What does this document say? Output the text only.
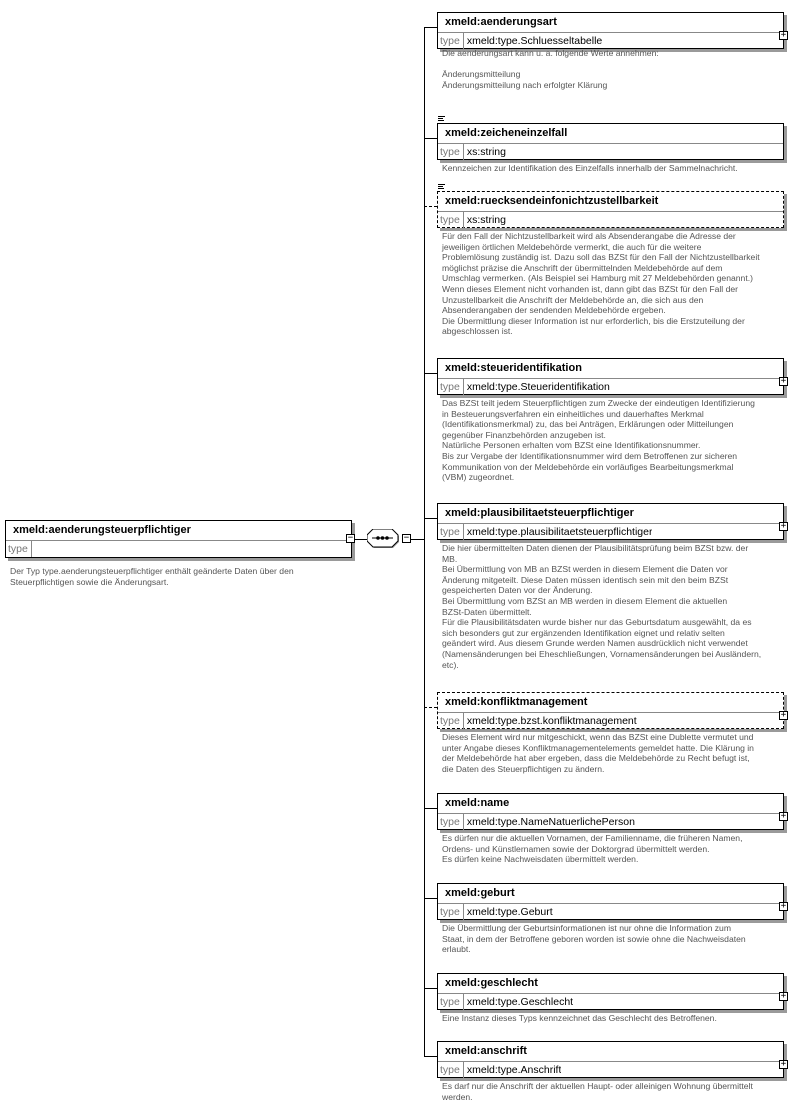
xmeld:aenderungsteuerpflichtiger
type
−
Der Typ type.aenderungsteuerpflichtiger enthält geänderte Daten über den
Steuerpflichtigen sowie die Änderungsart.
−
xmeld:aenderungsart
type xmeld:type.Schluesseltabelle	+
Die aenderungsart kann u. a. folgende Werte annehmen:

Änderungsmitteilung
Änderungsmitteilung nach erfolgter Klärung
xmeld:zeicheneinzelfall
type xs:string
Kennzeichen zur Identifikation des Einzelfalls innerhalb der Sammelnachricht.
xmeld:ruecksendeinfonichtzustellbarkeit
type xs:string
Für den Fall der Nichtzustellbarkeit wird als Absenderangabe die Adresse der
jeweiligen örtlichen Meldebehörde vermerkt, die auch für die weitere
Problemlösung zuständig ist. Dazu soll das BZSt für den Fall der Nichtzustellbarkeit
möglichst präzise die Anschrift der übermittelnden Meldebehörde auf dem
Umschlag vermerken. (Als Beispiel sei Hamburg mit 27 Meldebehörden genannt.)
Wenn dieses Element nicht vorhanden ist, dann gibt das BZSt für den Fall der
Unzustellbarkeit die Anschrift der Meldebehörde an, die sich aus den
Absenderangaben der sendenden Meldebehörde ergeben.
Die Übermittlung dieser Information ist nur erforderlich, bis die Erstzuteilung der
abgeschlossen ist.
xmeld:steueridentifikation
type xmeld:type.Steueridentifikation	+
Das BZSt teilt jedem Steuerpflichtigen zum Zwecke der eindeutigen Identifizierung
in Besteuerungsverfahren ein einheitliches und dauerhaftes Merkmal
(Identifikationsmerkmal) zu, das bei Anträgen, Erklärungen oder Mitteilungen
gegenüber Finanzbehörden anzugeben ist.
Natürliche Personen erhalten vom BZSt eine Identifikationsnummer.
Bis zur Vergabe der Identifikationsnummer wird dem Betroffenen zur sicheren
Kommunikation von der Meldebehörde ein vorläufiges Bearbeitungsmerkmal
(VBM) zugeordnet.
xmeld:plausibilitaetsteuerpflichtiger
type xmeld:type.plausibilitaetsteuerpflichtiger	+
Die hier übermittelten Daten dienen der Plausibilitätsprüfung beim BZSt bzw. der
MB.
Bei Übermittlung von MB an BZSt werden in diesem Element die Daten vor
Änderung mitgeteilt. Diese Daten müssen identisch sein mit den beim BZSt
gespeicherten Daten vor der Änderung.
Bei Übermittlung vom BZSt an MB werden in diesem Element die aktuellen
BZSt-Daten übermittelt.
Für die Plausibilitätsdaten wurde bisher nur das Geburtsdatum ausgewählt, da es
sich besonders gut zur ergänzenden Identifikation eignet und relativ selten
geändert wird. Aus diesem Grunde werden Namen ausdrücklich nicht verwendet
(Namensänderungen bei Eheschließungen, Vornamensänderungen bei Ausländern,
etc).
xmeld:konfliktmanagement
type xmeld:type.bzst.konfliktmanagement	+
Dieses Element wird nur mitgeschickt, wenn das BZSt eine Dublette vermutet und
unter Angabe dieses Konfliktmanagementelements gemeldet hatte. Die Klärung in
der Meldebehörde hat aber ergeben, dass die Meldebehörde zu Recht befugt ist,
die Daten des Steuerpflichtigen zu ändern.
xmeld:name
type xmeld:type.NameNatuerlichePerson	+
Es dürfen nur die aktuellen Vornamen, der Familienname, die früheren Namen,
Ordens- und Künstlernamen sowie der Doktorgrad übermittelt werden.
Es dürfen keine Nachweisdaten übermittelt werden.
xmeld:geburt
type xmeld:type.Geburt	+
Die Übermittlung der Geburtsinformationen ist nur ohne die Information zum
Staat, in dem der Betroffene geboren worden ist sowie ohne die Nachweisdaten
erlaubt.
xmeld:geschlecht
type xmeld:type.Geschlecht	+
Eine Instanz dieses Typs kennzeichnet das Geschlecht des Betroffenen.
xmeld:anschrift
type xmeld:type.Anschrift	+
Es darf nur die Anschrift der aktuellen Haupt- oder alleinigen Wohnung übermittelt
werden.
